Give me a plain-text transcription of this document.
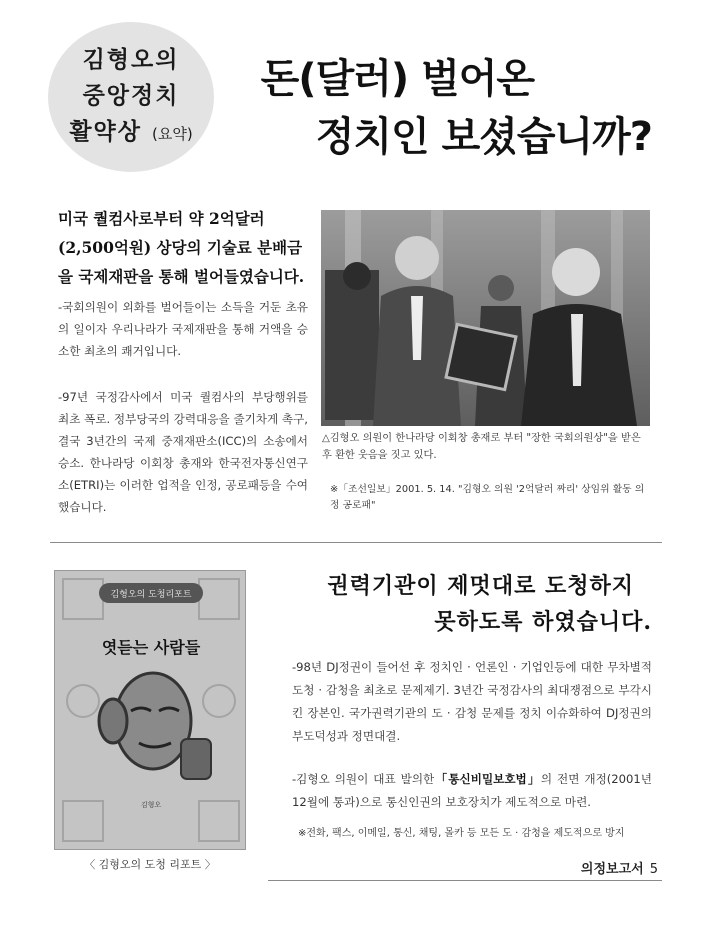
김형오의
중앙정치
활약상 (요약)
돈(달러) 벌어온
정치인 보셨습니까?
미국 퀄컴사로부터 약 2억달러(2,500억원) 상당의 기술료 분배금을 국제재판을 통해 벌어들였습니다.
-국회의원이 외화를 벌어들이는 소득을 거둔 초유의 일이자 우리나라가 국제재판을 통해 거액을 승소한 최초의 쾌거입니다.
-97년 국정감사에서 미국 퀄컴사의 부당행위를 최초 폭로. 정부당국의 강력대응을 줄기차게 촉구, 결국 3년간의 국제 중재재판소(ICC)의 소송에서 승소. 한나라당 이회창 총재와 한국전자통신연구소(ETRI)는 이러한 업적을 인정, 공로패등을 수여 했습니다.
△김형오 의원이 한나라당 이회창 총재로 부터 "장한 국회의원상"을 받은 후 환한 웃음을 짓고 있다.
※「조선일보」2001. 5. 14. "김형오 의원 '2억달러 짜리' 상임위 활동 의정 공로패"
김형오의 도청리포트
엿듣는 사람들
김형오
〈 김형오의 도청 리포트 〉
권력기관이 제멋대로 도청하지
못하도록 하였습니다.
-98년 DJ정권이 들어선 후 정치인 · 언론인 · 기업인등에 대한 무차별적 도청 · 감청을 최초로 문제제기. 3년간 국정감사의 최대쟁점으로 부각시킨 장본인. 국가권력기관의 도 · 감청 문제를 정치 이슈화하여 DJ정권의 부도덕성과 정면대결.
-김형오 의원이 대표 발의한「통신비밀보호법」의 전면 개정(2001년 12월에 통과)으로 통신인권의 보호장치가 제도적으로 마련.
※전화, 팩스, 이메일, 통신, 채팅, 몰카 등 모든 도 · 감청을 제도적으로 방지
의정보고서 5
